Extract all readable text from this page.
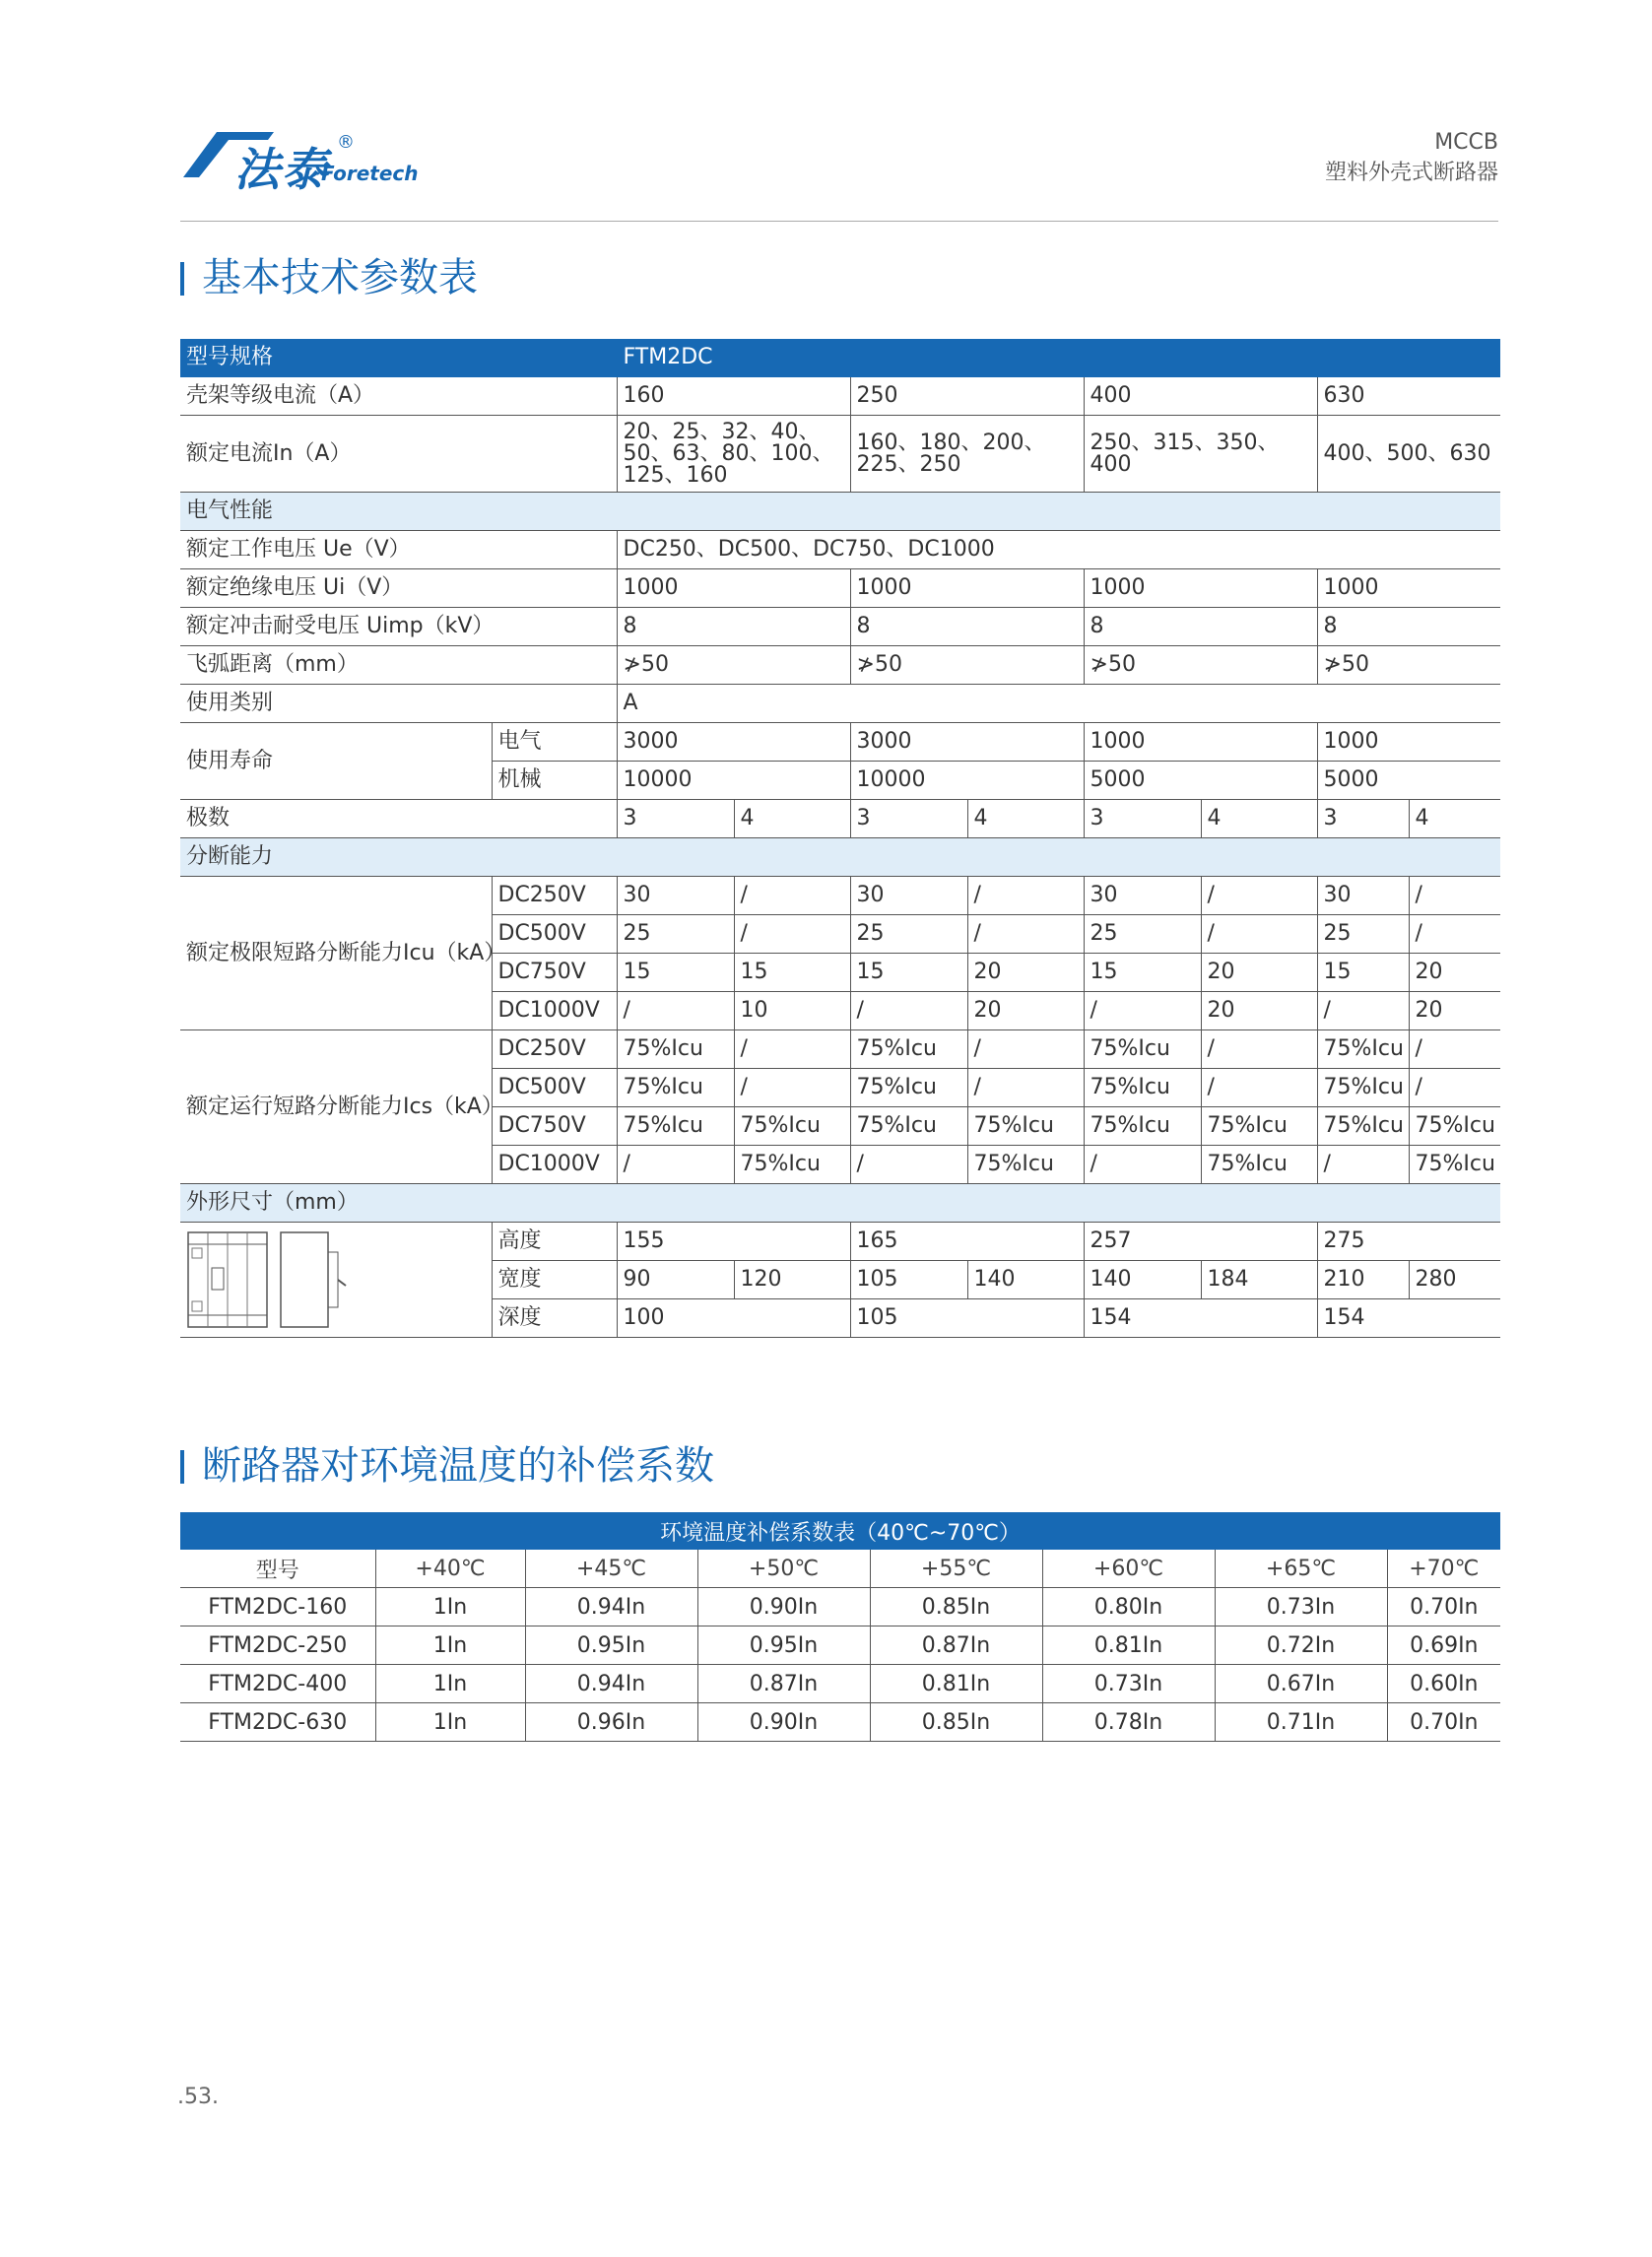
法泰
®
Foretech
MCCB
塑料外壳式断路器
基本技术参数表
型号规格		FTM2DC							
壳架等级电流（A）		160		250		400		630	
额定电流In（A）		20、25、32、40、50、63、80、100、125、160		160、180、200、225、250		250、315、350、400		400、500、630	
电气性能									
额定工作电压 Ue（V）		DC250、DC500、DC750、DC1000							
额定绝缘电压 Ui（V）		1000		1000		1000		1000	
额定冲击耐受电压 Uimp（kV）		8		8		8		8	
飞弧距离（mm）		≯50		≯50		≯50		≯50	
使用类别		A							
使用寿命	电气	3000		3000		1000		1000	
	机械	10000		10000		5000		5000	
极数		3	4	3	4	3	4	3	4
分断能力									
额定极限短路分断能力Icu（kA）	DC250V	30	/	30	/	30	/	30	/
	DC500V	25	/	25	/	25	/	25	/
	DC750V	15	15	15	20	15	20	15	20
	DC1000V	/	10	/	20	/	20	/	20
额定运行短路分断能力Ics（kA）	DC250V	75%Icu	/	75%Icu	/	75%Icu	/	75%Icu	/
	DC500V	75%Icu	/	75%Icu	/	75%Icu	/	75%Icu	/
	DC750V	75%Icu	75%Icu	75%Icu	75%Icu	75%Icu	75%Icu	75%Icu	75%Icu
	DC1000V	/	75%Icu	/	75%Icu	/	75%Icu	/	75%Icu
外形尺寸（mm）									

	高度	155		165		257		275	
	宽度	90	120	105	140	140	184	210	280
	深度	100		105		154		154	
断路器对环境温度的补偿系数
环境温度补偿系数表（40℃~70℃）							
型号	+40℃	+45℃	+50℃	+55℃	+60℃	+65℃	+70℃
FTM2DC-160	1In	0.94In	0.90In	0.85In	0.80In	0.73In	0.70In
FTM2DC-250	1In	0.95In	0.95In	0.87In	0.81In	0.72In	0.69In
FTM2DC-400	1In	0.94In	0.87In	0.81In	0.73In	0.67In	0.60In
FTM2DC-630	1In	0.96In	0.90In	0.85In	0.78In	0.71In	0.70In
.53.
